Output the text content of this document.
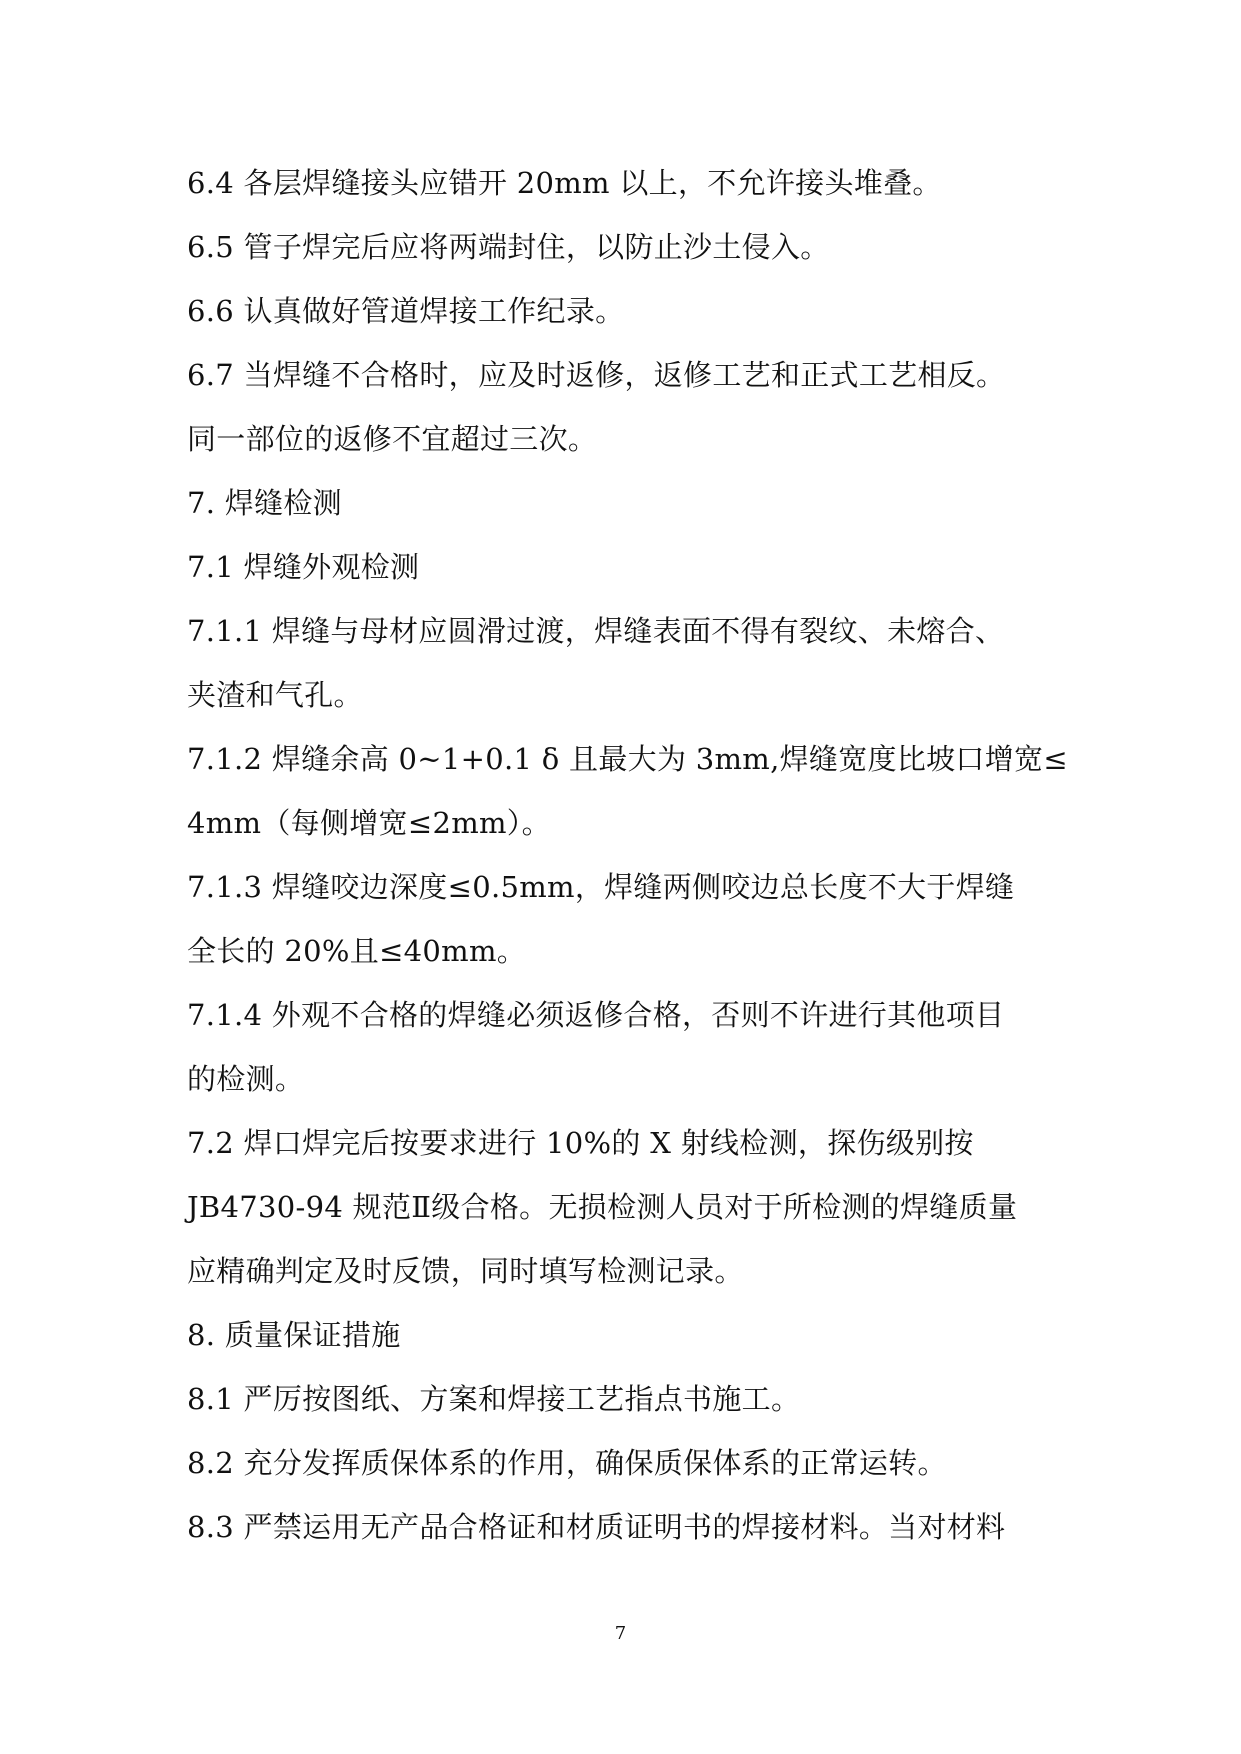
6.4 各层焊缝接头应错开 20mm 以上，不允许接头堆叠。
6.5 管子焊完后应将两端封住，以防止沙土侵入。
6.6 认真做好管道焊接工作纪录。
6.7 当焊缝不合格时，应及时返修，返修工艺和正式工艺相反。
同一部位的返修不宜超过三次。
7. 焊缝检测
7.1 焊缝外观检测
7.1.1 焊缝与母材应圆滑过渡，焊缝表面不得有裂纹、未熔合、
夹渣和气孔。
7.1.2 焊缝余高 0~1+0.1 δ 且最大为 3mm,焊缝宽度比坡口增宽≤
4mm（每侧增宽≤2mm）。
7.1.3 焊缝咬边深度≤0.5mm，焊缝两侧咬边总长度不大于焊缝
全长的 20%且≤40mm。
7.1.4 外观不合格的焊缝必须返修合格，否则不许进行其他项目
的检测。
7.2 焊口焊完后按要求进行 10%的 X 射线检测，探伤级别按
JB4730-94 规范Ⅱ级合格。无损检测人员对于所检测的焊缝质量
应精确判定及时反馈，同时填写检测记录。
8. 质量保证措施
8.1 严厉按图纸、方案和焊接工艺指点书施工。
8.2 充分发挥质保体系的作用，确保质保体系的正常运转。
8.3 严禁运用无产品合格证和材质证明书的焊接材料。当对材料
7
